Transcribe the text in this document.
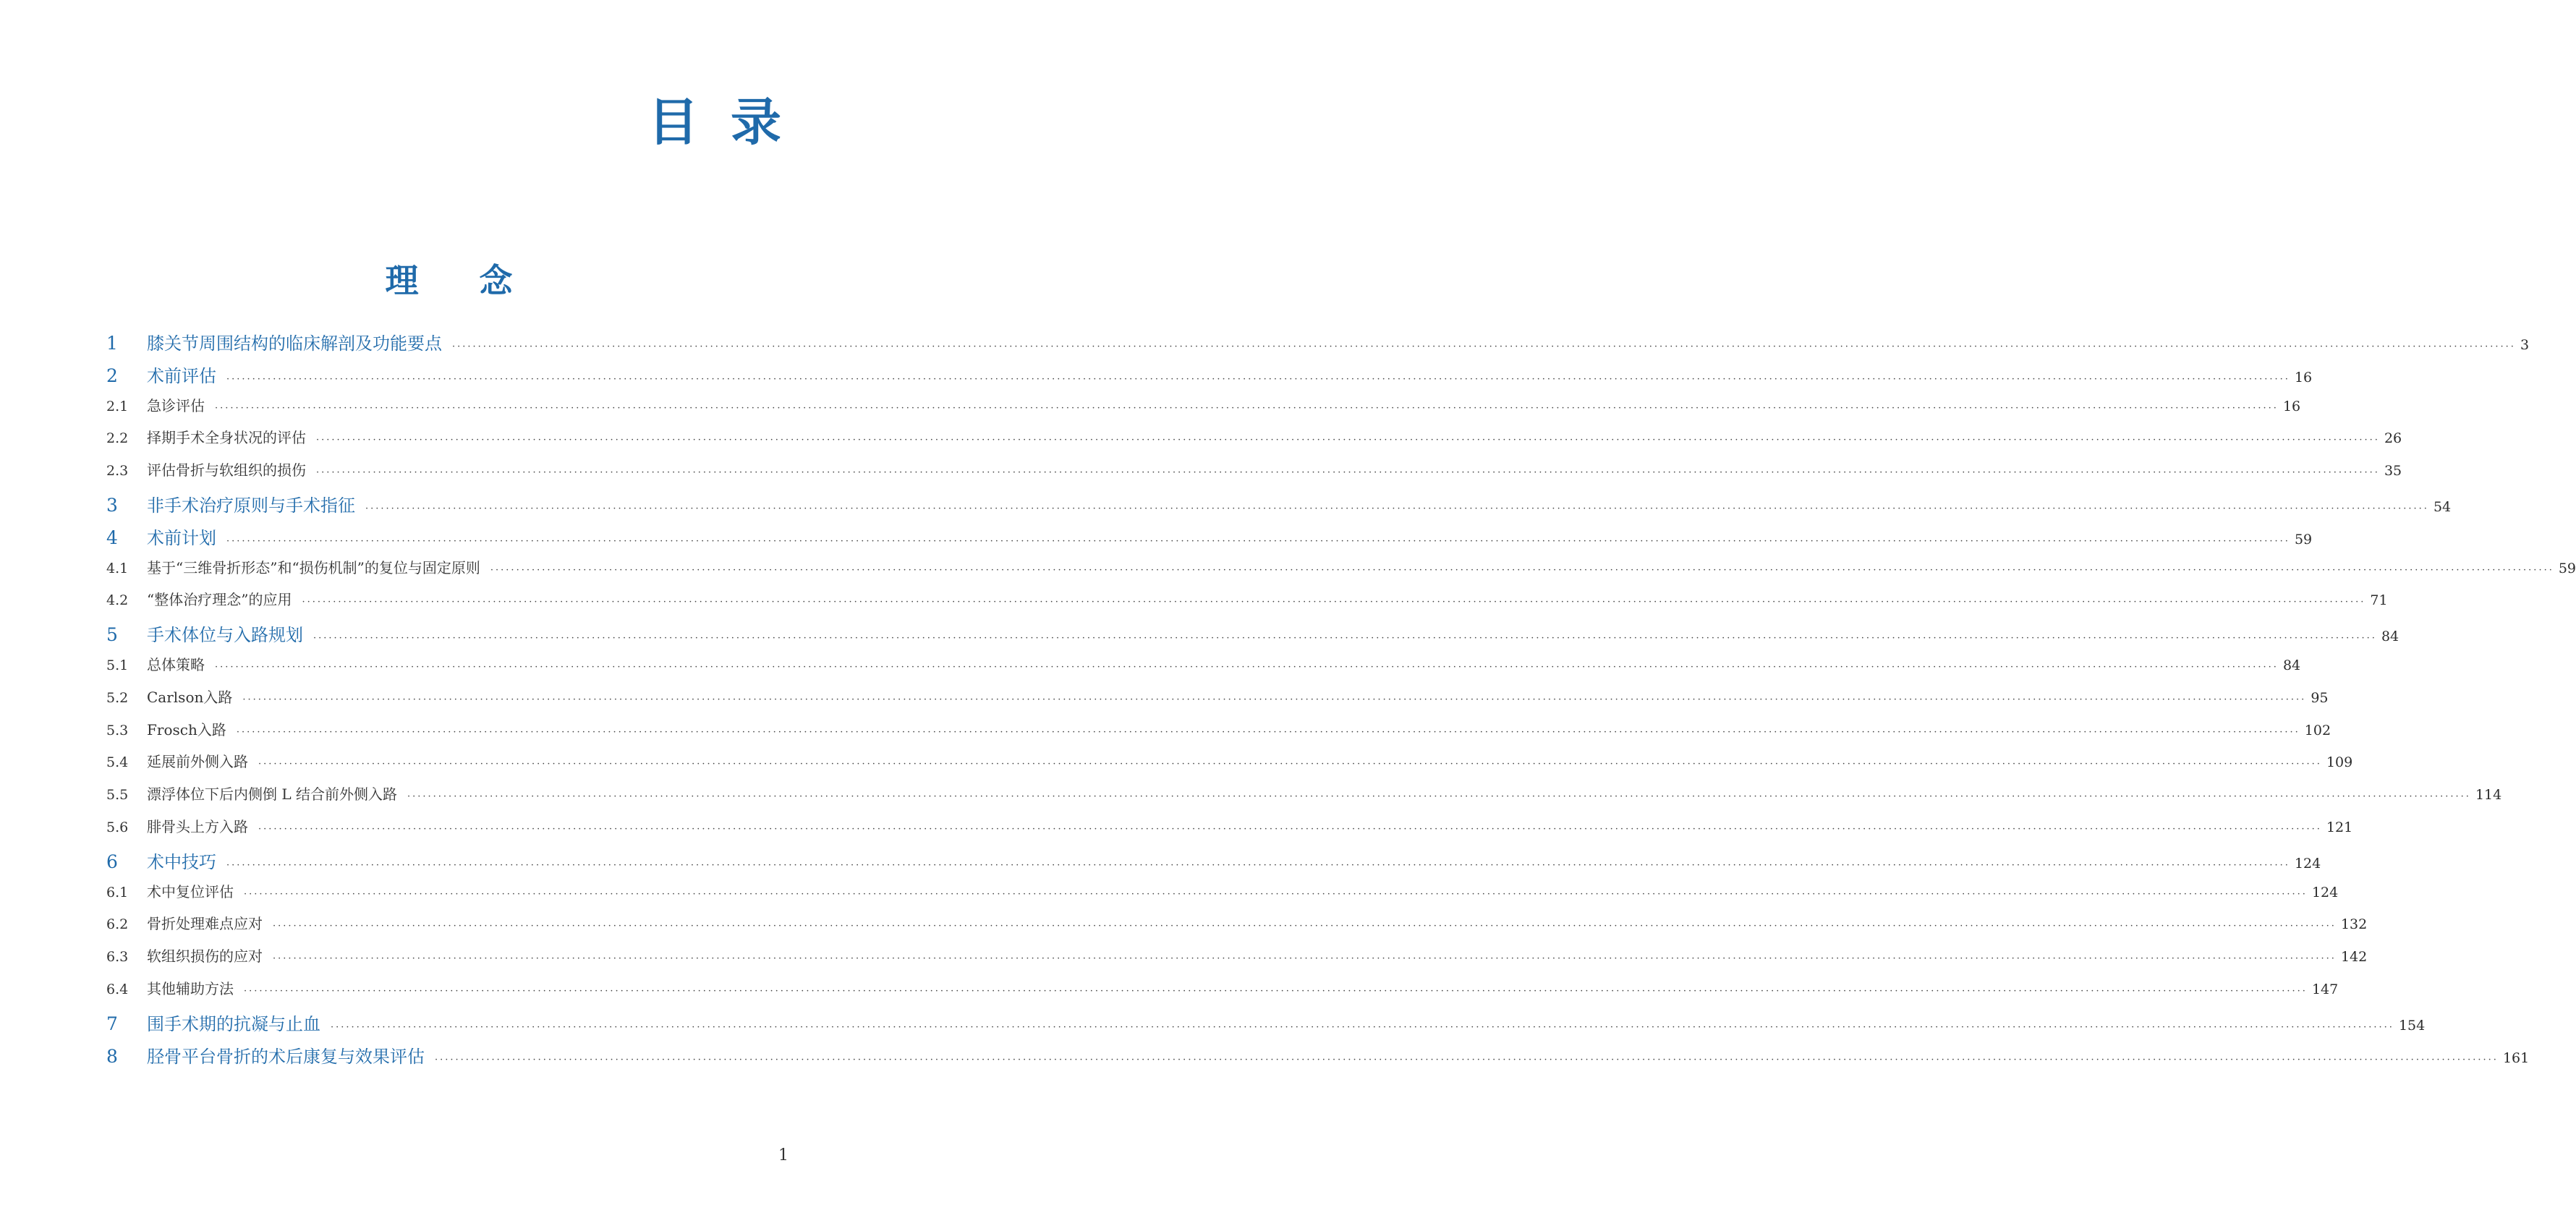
目 录
理 念
1	膝关节周围结构的临床解剖及功能要点	················································································································································································································································································································································································································ 3
2	术前评估	················································································································································································································································································································································································································ 16
2.1	急诊评估	················································································································································································································································································································································································································ 16
2.2	择期手术全身状况的评估	················································································································································································································································································································································································································ 26
2.3	评估骨折与软组织的损伤	················································································································································································································································································································································································································ 35
3	非手术治疗原则与手术指征	················································································································································································································································································································································································································ 54
4	术前计划	················································································································································································································································································································································································································ 59
4.1	基于“三维骨折形态”和“损伤机制”的复位与固定原则	················································································································································································································································································································································································································ 59
4.2	“整体治疗理念”的应用	················································································································································································································································································································································································································ 71
5	手术体位与入路规划	················································································································································································································································································································································································································ 84
5.1	总体策略	················································································································································································································································································································································································································ 84
5.2	Carlson入路	················································································································································································································································································································································································································ 95
5.3	Frosch入路	················································································································································································································································································································································································································ 102
5.4	延展前外侧入路	················································································································································································································································································································································································································ 109
5.5	漂浮体位下后内侧倒 L 结合前外侧入路	················································································································································································································································································································································································································ 114
5.6	腓骨头上方入路	················································································································································································································································································································································································································ 121
6	术中技巧	················································································································································································································································································································································································································ 124
6.1	术中复位评估	················································································································································································································································································································································································································ 124
6.2	骨折处理难点应对	················································································································································································································································································································································································································ 132
6.3	软组织损伤的应对	················································································································································································································································································································································································································ 142
6.4	其他辅助方法	················································································································································································································································································································································································································ 147
7	围手术期的抗凝与止血	················································································································································································································································································································································································································ 154
8	胫骨平台骨折的术后康复与效果评估	················································································································································································································································································································································································································ 161
1
